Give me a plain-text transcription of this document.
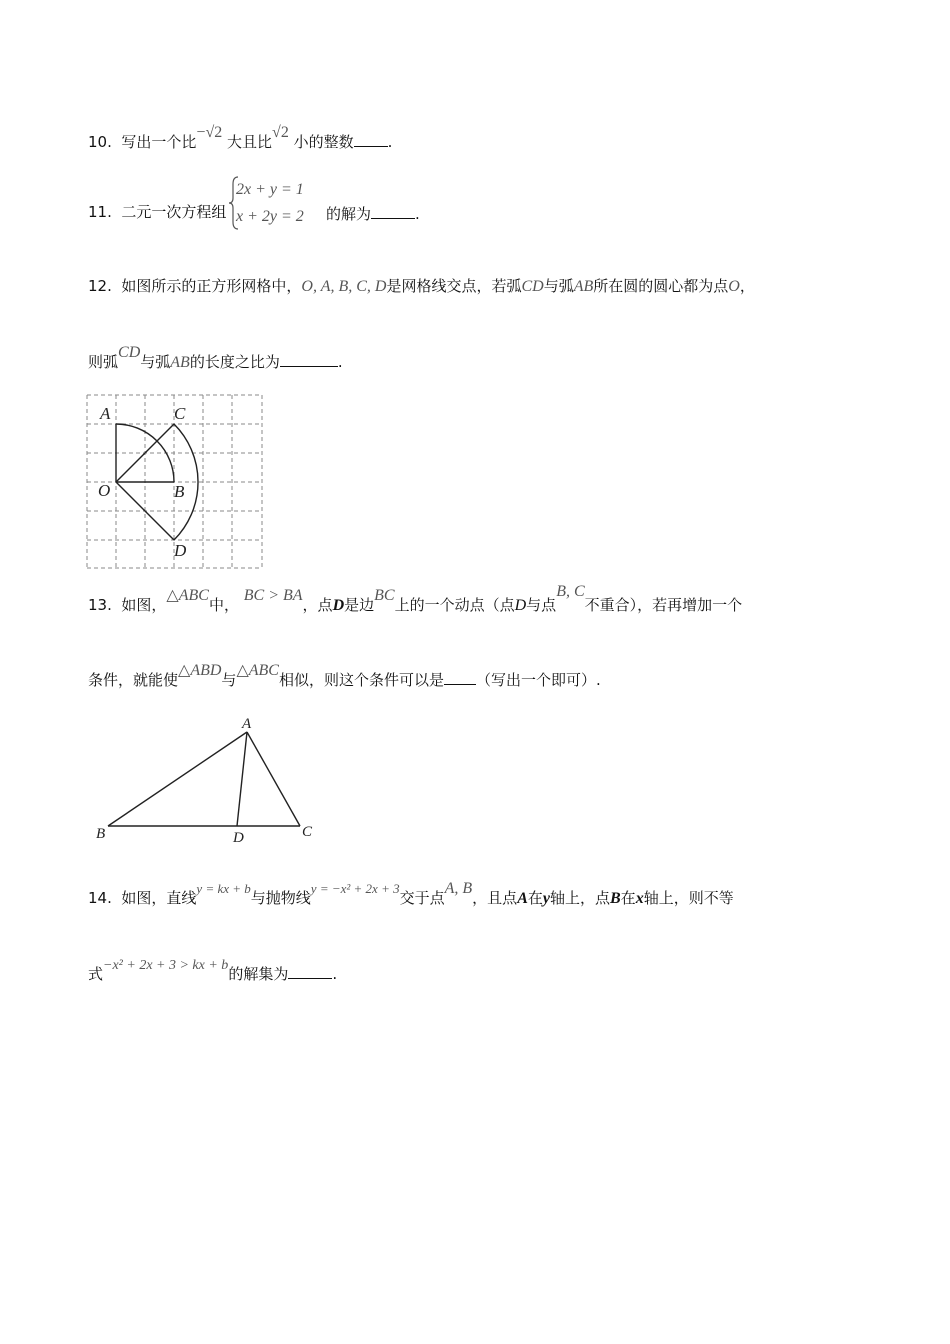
10. 写出一个比−√2 大且比√2 小的整数 .
11. 二元一次方程组
2x + y = 1
x + 2y = 2 的解为	.
12. 如图所示的正方形网格中，O, A, B, C, D是网格线交点，若弧CD与弧AB所在圆的圆心都为点O，
则弧CD与弧AB的长度之比为	.
A	C
O	B
D
13. 如图，△ABC中， BC > BA，点D是边BC上的一个动点（点D与点B, C不重合），若再增加一个
条件，就能使△ABD与△ABC相似，则这个条件可以是 （写出一个即可）.
A
B	D	C
14. 如图，直线y = kx + b与抛物线y = −x² + 2x + 3交于点A, B，且点A在y轴上，点B在x轴上，则不等
式−x² + 2x + 3 > kx + b的解集为	.
